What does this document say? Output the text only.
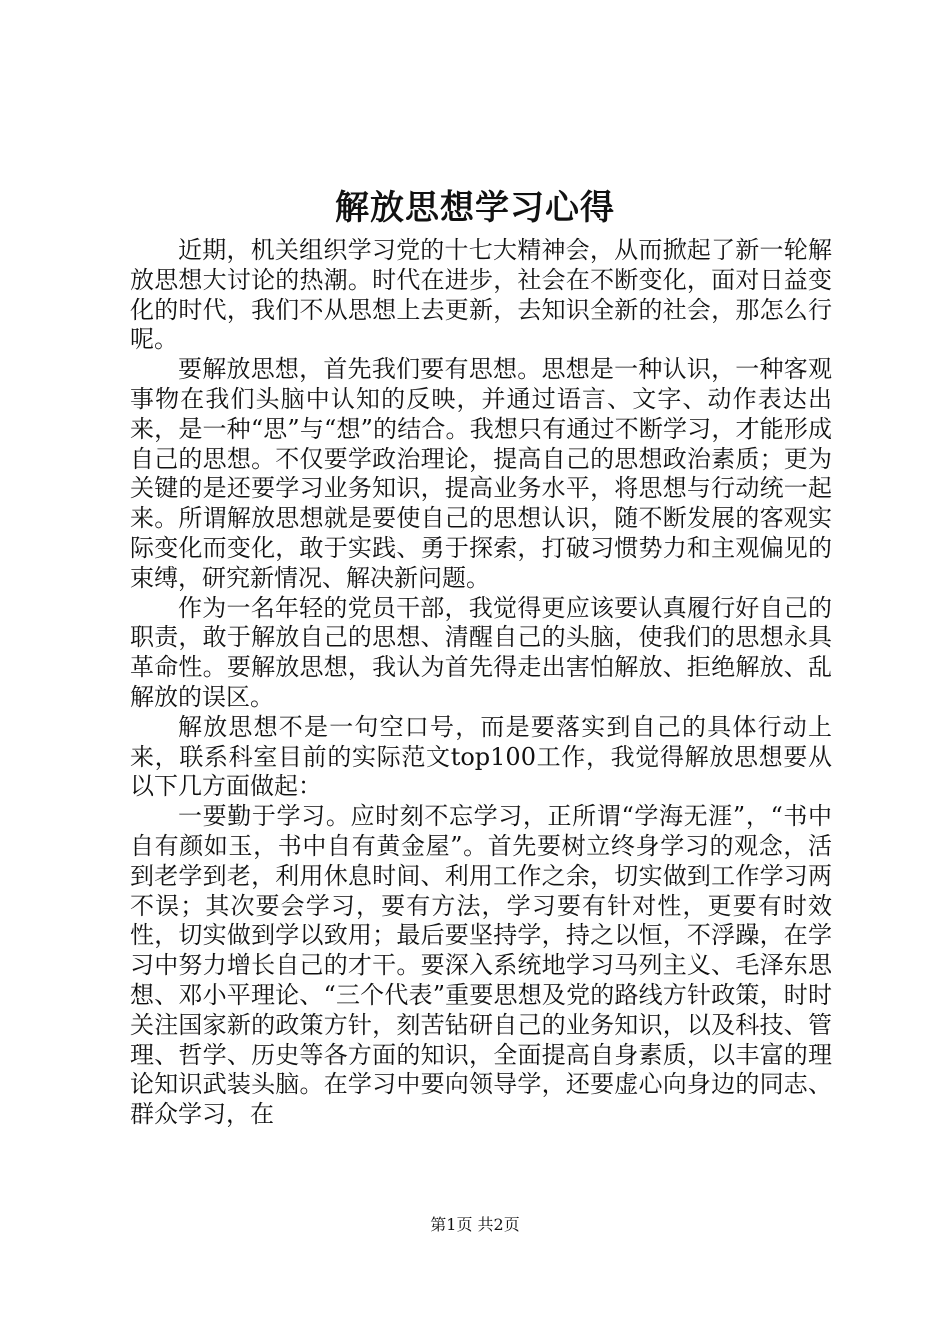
解放思想学习心得

近期，机关组织学习党的十七大精神会，从而掀起了新一轮解放思想大讨论的热潮。时代在进步，社会在不断变化，面对日益变化的时代，我们不从思想上去更新，去知识全新的社会，那怎么行呢。

要解放思想，首先我们要有思想。思想是一种认识，一种客观事物在我们头脑中认知的反映，并通过语言、文字、动作表达出来，是一种“思”与“想”的结合。我想只有通过不断学习，才能形成自己的思想。不仅要学政治理论，提高自己的思想政治素质；更为关键的是还要学习业务知识，提高业务水平，将思想与行动统一起来。所谓解放思想就是要使自己的思想认识，随不断发展的客观实际变化而变化，敢于实践、勇于探索，打破习惯势力和主观偏见的束缚，研究新情况、解决新问题。

作为一名年轻的党员干部，我觉得更应该要认真履行好自己的职责，敢于解放自己的思想、清醒自己的头脑，使我们的思想永具革命性。要解放思想，我认为首先得走出害怕解放、拒绝解放、乱解放的误区。

解放思想不是一句空口号，而是要落实到自己的具体行动上来，联系科室目前的实际范文top100工作，我觉得解放思想要从以下几方面做起：

一要勤于学习。应时刻不忘学习，正所谓“学海无涯”，“书中自有颜如玉，书中自有黄金屋”。首先要树立终身学习的观念，活到老学到老，利用休息时间、利用工作之余，切实做到工作学习两不误；其次要会学习，要有方法，学习要有针对性，更要有时效性，切实做到学以致用；最后要坚持学，持之以恒，不浮躁，在学习中努力增长自己的才干。要深入系统地学习马列主义、毛泽东思想、邓小平理论、“三个代表”重要思想及党的路线方针政策，时时关注国家新的政策方针，刻苦钻研自己的业务知识，以及科技、管理、哲学、历史等各方面的知识，全面提高自身素质，以丰富的理论知识武装头脑。在学习中要向领导学，还要虚心向身边的同志、群众学习，在

第1页 共2页
